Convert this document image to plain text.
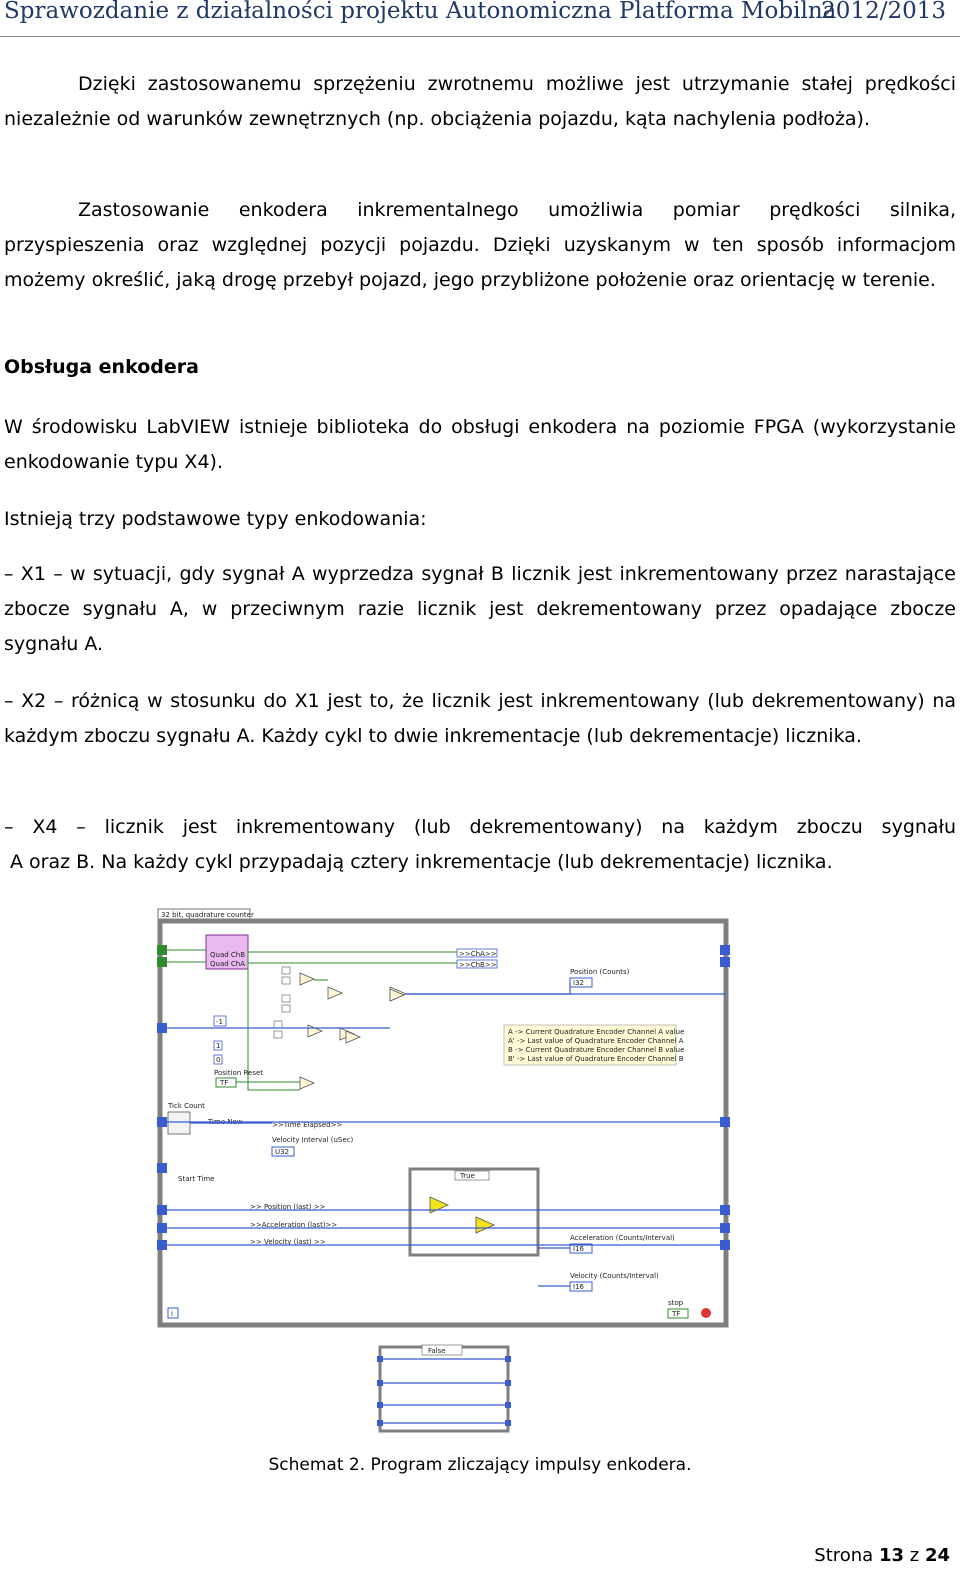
Sprawozdanie z działalności projektu Autonomiczna Platforma Mobilna
2012/2013
Dzięki zastosowanemu sprzężeniu zwrotnemu możliwe jest utrzymanie stałej prędkości niezależnie od warunków zewnętrznych (np. obciążenia pojazdu, kąta nachylenia podłoża).
Zastosowanie enkodera inkrementalnego umożliwia pomiar prędkości silnika, przyspieszenia oraz względnej pozycji pojazdu. Dzięki uzyskanym w ten sposób informacjom możemy określić, jaką drogę przebył pojazd, jego przybliżone położenie oraz orientację w terenie.
Obsługa enkodera
W środowisku LabVIEW istnieje biblioteka do obsługi enkodera na poziomie FPGA (wykorzystanie enkodowanie typu X4).
Istnieją trzy podstawowe typy enkodowania:
– X1 – w sytuacji, gdy sygnał A wyprzedza sygnał B licznik jest inkrementowany przez narastające zbocze sygnału A, w przeciwnym razie licznik jest dekrementowany przez opadające zbocze sygnału A.
– X2 – różnicą w stosunku do X1 jest to, że licznik jest inkrementowany (lub dekrementowany) na każdym zboczu sygnału A. Każdy cykl to dwie inkrementacje (lub dekrementacje) licznika.
– X4 – licznik jest inkrementowany (lub dekrementowany) na każdym zboczu sygnału
A oraz B. Na każdy cykl przypadają cztery inkrementacje (lub dekrementacje) licznika.
32 bit, quadrature counter
Quad ChB
Quad ChA
>>ChA>>
>>ChB>>
Position (Counts)
I32
-1
1
0
Position Reset
TF
A -> Current Quadrature Encoder Channel A value
A' -> Last value of Quadrature Encoder Channel A
B -> Current Quadrature Encoder Channel B value
B' -> Last value of Quadrature Encoder Channel B
Tick Count
Time Now	>>Time Elapsed>>
Velocity Interval (uSec)
U32
Start Time	True
>> Position (last) >>
>>Acceleration (last)>>
>> Velocity (last) >>	Acceleration (Counts/Interval)
I16
Velocity (Counts/Interval)
I16
stop
TF
i
False
Schemat 2. Program zliczający impulsy enkodera.
Strona 13 z 24
